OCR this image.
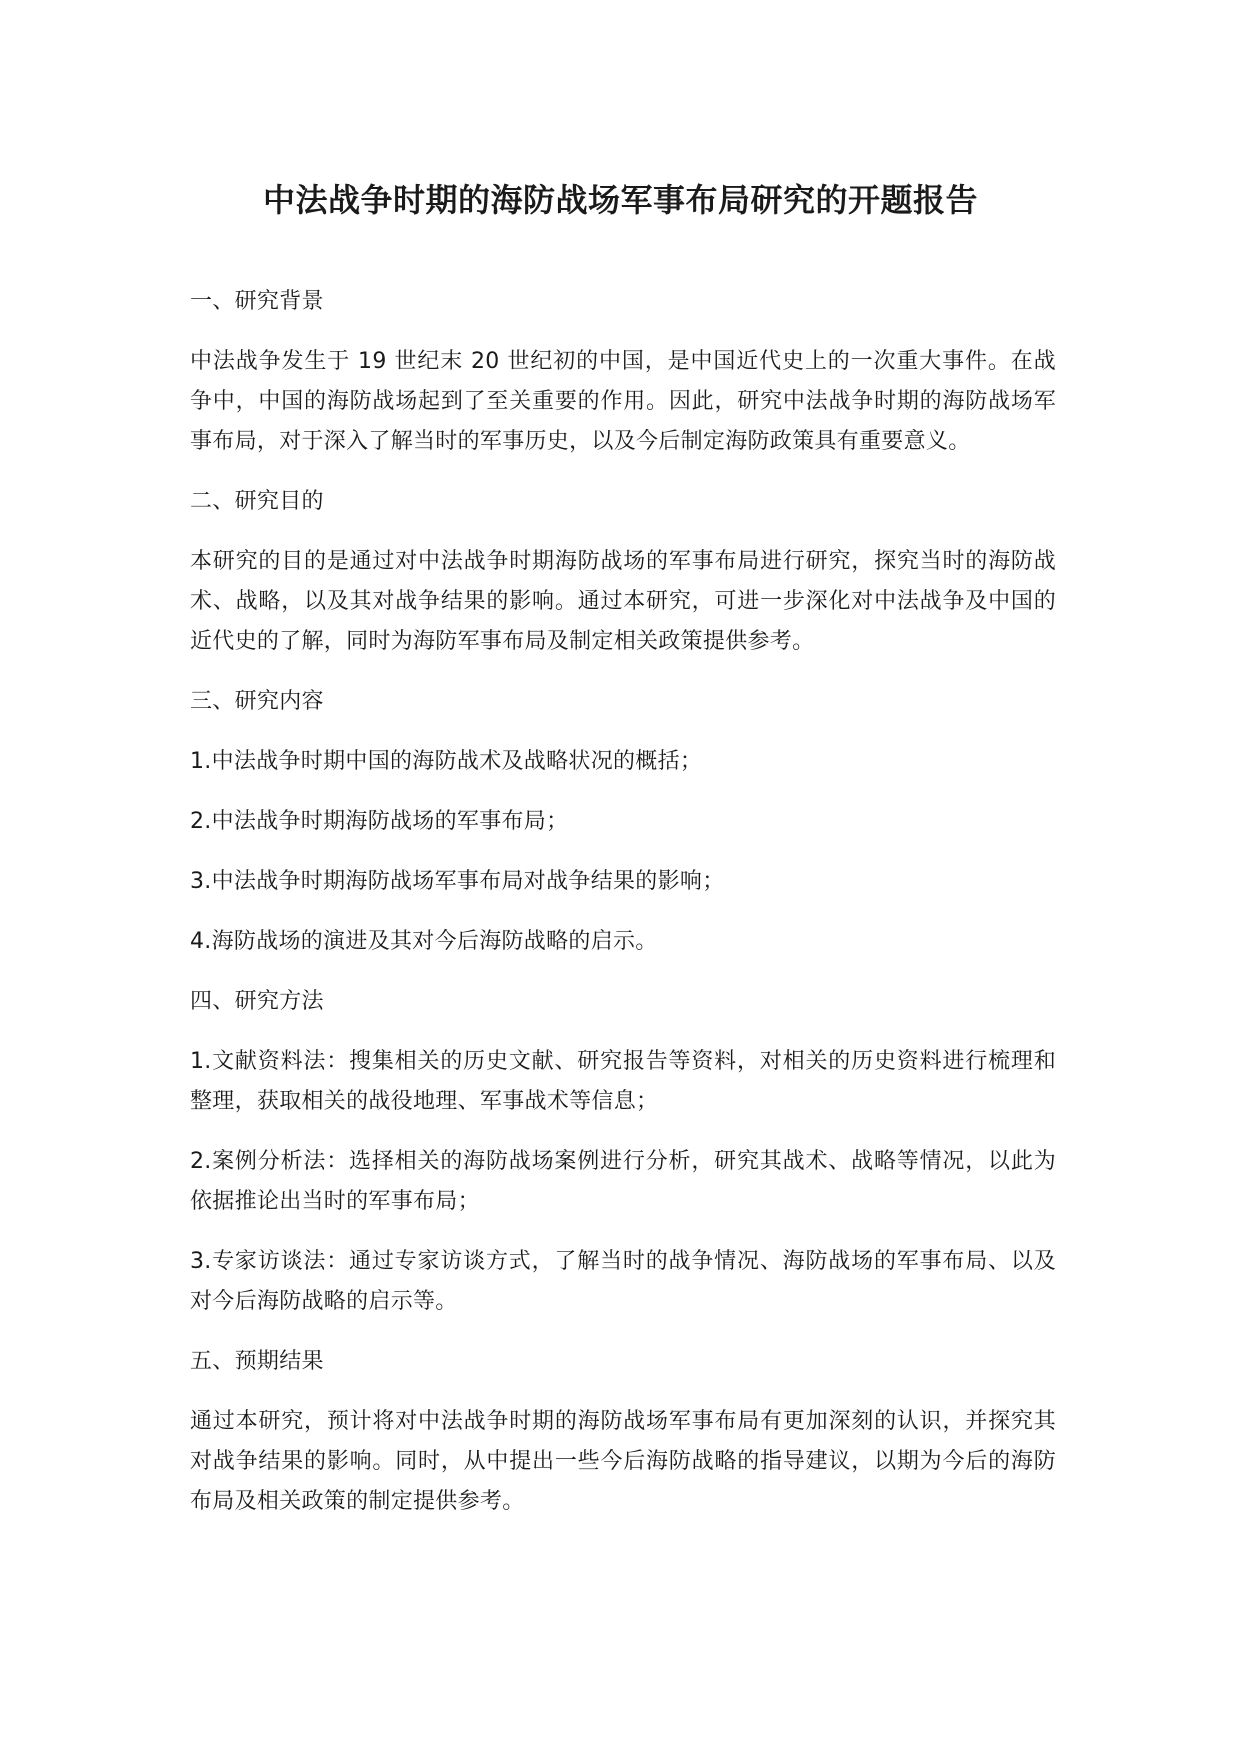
中法战争时期的海防战场军事布局研究的开题报告

一、研究背景

中法战争发生于 19 世纪末 20 世纪初的中国，是中国近代史上的一次重大事件。在战争中，中国的海防战场起到了至关重要的作用。因此，研究中法战争时期的海防战场军事布局，对于深入了解当时的军事历史，以及今后制定海防政策具有重要意义。

二、研究目的

本研究的目的是通过对中法战争时期海防战场的军事布局进行研究，探究当时的海防战术、战略，以及其对战争结果的影响。通过本研究，可进一步深化对中法战争及中国的近代史的了解，同时为海防军事布局及制定相关政策提供参考。

三、研究内容

1.中法战争时期中国的海防战术及战略状况的概括；

2.中法战争时期海防战场的军事布局；

3.中法战争时期海防战场军事布局对战争结果的影响；

4.海防战场的演进及其对今后海防战略的启示。

四、研究方法

1.文献资料法：搜集相关的历史文献、研究报告等资料，对相关的历史资料进行梳理和整理，获取相关的战役地理、军事战术等信息；

2.案例分析法：选择相关的海防战场案例进行分析，研究其战术、战略等情况，以此为依据推论出当时的军事布局；

3.专家访谈法：通过专家访谈方式，了解当时的战争情况、海防战场的军事布局、以及对今后海防战略的启示等。

五、预期结果

通过本研究，预计将对中法战争时期的海防战场军事布局有更加深刻的认识，并探究其对战争结果的影响。同时，从中提出一些今后海防战略的指导建议，以期为今后的海防布局及相关政策的制定提供参考。
